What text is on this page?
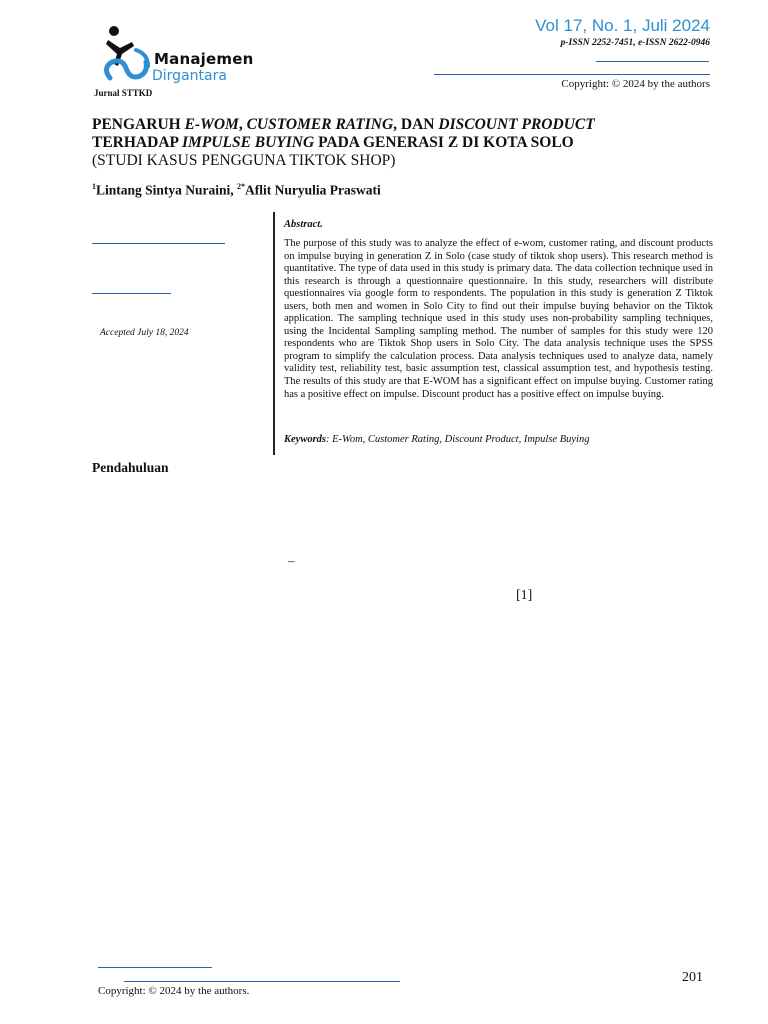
Manajemen
Dirgantara
Jurnal STTKD
Vol 17, No. 1, Juli 2024
p-ISSN 2252-7451, e-ISSN 2622-0946
Copyright: © 2024 by the authors
PENGARUH E-WOM, CUSTOMER RATING, DAN DISCOUNT PRODUCT
TERHADAP IMPULSE BUYING PADA GENERASI Z DI KOTA SOLO
(STUDI KASUS PENGGUNA TIKTOK SHOP)
$^1$Lintang Sintya Nuraini, $^{2*}$Aflit Nuryulia Praswati
Accepted July 18, 2024
Abstract.
The purpose of this study was to analyze the effect of e-wom, customer rating, and discount products on impulse buying in generation Z in Solo (case study of tiktok shop users). This research method is quantitative. The type of data used in this study is primary data. The data collection technique used in this research is through a questionnaire questionnaire. In this study, researchers will distribute questionnaires via google form to respondents. The population in this study is generation Z Tiktok users, both men and women in Solo City to find out their impulse buying behavior on the Tiktok application. The sampling technique used in this study uses non-probability sampling techniques, using the Incidental Sampling sampling method. The number of samples for this study were 120 respondents who are Tiktok Shop users in Solo City. The data analysis technique uses the SPSS program to simplify the calculation process. Data analysis techniques used to analyze data, namely validity test, reliability test, basic assumption test, classical assumption test, and hypothesis testing. The results of this study are that E-WOM has a significant effect on impulse buying. Customer rating has a positive effect on impulse. Discount product has a positive effect on impulse buying.
Keywords: E-Wom, Customer Rating, Discount Product, Impulse Buying
Pendahuluan
–
[1]
201
Copyright: © 2024 by the authors.
